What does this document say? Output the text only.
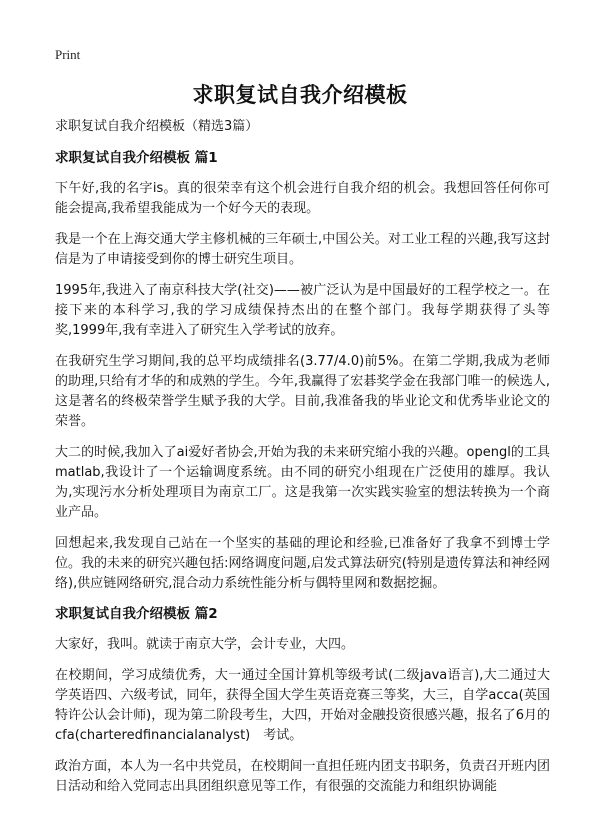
Print
求职复试自我介绍模板

求职复试自我介绍模板（精选3篇）

求职复试自我介绍模板 篇1

下午好,我的名字is。真的很荣幸有这个机会进行自我介绍的机会。我想回答任何你可能会提高,我希望我能成为一个好今天的表现。

我是一个在上海交通大学主修机械的三年硕士,中国公关。对工业工程的兴趣,我写这封信是为了申请接受到你的博士研究生项目。

1995年,我进入了南京科技大学(社交)——被广泛认为是中国最好的工程学校之一。在接下来的本科学习,我的学习成绩保持杰出的在整个部门。我每学期获得了头等奖,1999年,我有幸进入了研究生入学考试的放弃。

在我研究生学习期间,我的总平均成绩排名(3.77/4.0)前5%。在第二学期,我成为老师的助理,只给有才华的和成熟的学生。今年,我赢得了宏碁奖学金在我部门唯一的候选人,这是著名的终极荣誉学生赋予我的大学。目前,我准备我的毕业论文和优秀毕业论文的荣誉。

大二的时候,我加入了ai爱好者协会,开始为我的未来研究缩小我的兴趣。opengl的工具matlab,我设计了一个运输调度系统。由不同的研究小组现在广泛使用的雄厚。我认为,实现污水分析处理项目为南京工厂。这是我第一次实践实验室的想法转换为一个商业产品。

回想起来,我发现自己站在一个坚实的基础的理论和经验,已准备好了我拿不到博士学位。我的未来的研究兴趣包括:网络调度问题,启发式算法研究(特别是遗传算法和神经网络),供应链网络研究,混合动力系统性能分析与偶特里网和数据挖掘。

求职复试自我介绍模板 篇2

大家好，我叫。就读于南京大学，会计专业，大四。

在校期间，学习成绩优秀，大一通过全国计算机等级考试(二级java语言),大二通过大学英语四、六级考试，同年，获得全国大学生英语竞赛三等奖，大三，自学acca(英国特许公认会计师)，现为第二阶段考生，大四，开始对金融投资很感兴趣，报名了6月的cfa(charteredfinancialanalyst)　考试。

政治方面，本人为一名中共党员，在校期间一直担任班内团支书职务，负责召开班内团日活动和给入党同志出具团组织意见等工作，有很强的交流能力和组织协调能
